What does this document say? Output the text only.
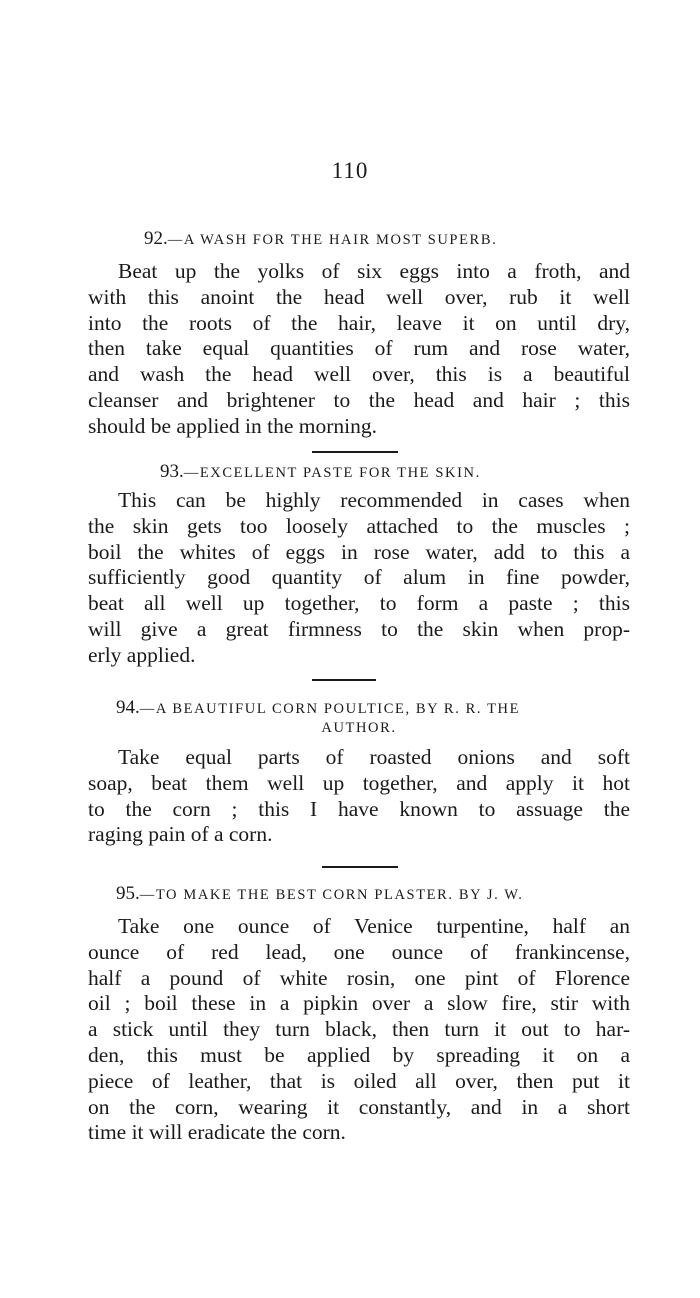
110
92.—A WASH FOR THE HAIR MOST SUPERB.
Beat up the yolks of six eggs into a froth, and
with this anoint the head well over, rub it well
into the roots of the hair, leave it on until dry,
then take equal quantities of rum and rose water,
and wash the head well over, this is a beautiful
cleanser and brightener to the head and hair ; this
should be applied in the morning.
93.—EXCELLENT PASTE FOR THE SKIN.
This can be highly recommended in cases when
the skin gets too loosely attached to the muscles ;
boil the whites of eggs in rose water, add to this a
sufficiently good quantity of alum in fine powder,
beat all well up together, to form a paste ; this
will give a great firmness to the skin when prop-
erly applied.
94.—A BEAUTIFUL CORN POULTICE, BY R. R. THE
AUTHOR.
Take equal parts of roasted onions and soft
soap, beat them well up together, and apply it hot
to the corn ; this I have known to assuage the
raging pain of a corn.
95.—TO MAKE THE BEST CORN PLASTER. BY J. W.
Take one ounce of Venice turpentine, half an
ounce of red lead, one ounce of frankincense,
half a pound of white rosin, one pint of Florence
oil ; boil these in a pipkin over a slow fire, stir with
a stick until they turn black, then turn it out to har-
den, this must be applied by spreading it on a
piece of leather, that is oiled all over, then put it
on the corn, wearing it constantly, and in a short
time it will eradicate the corn.
